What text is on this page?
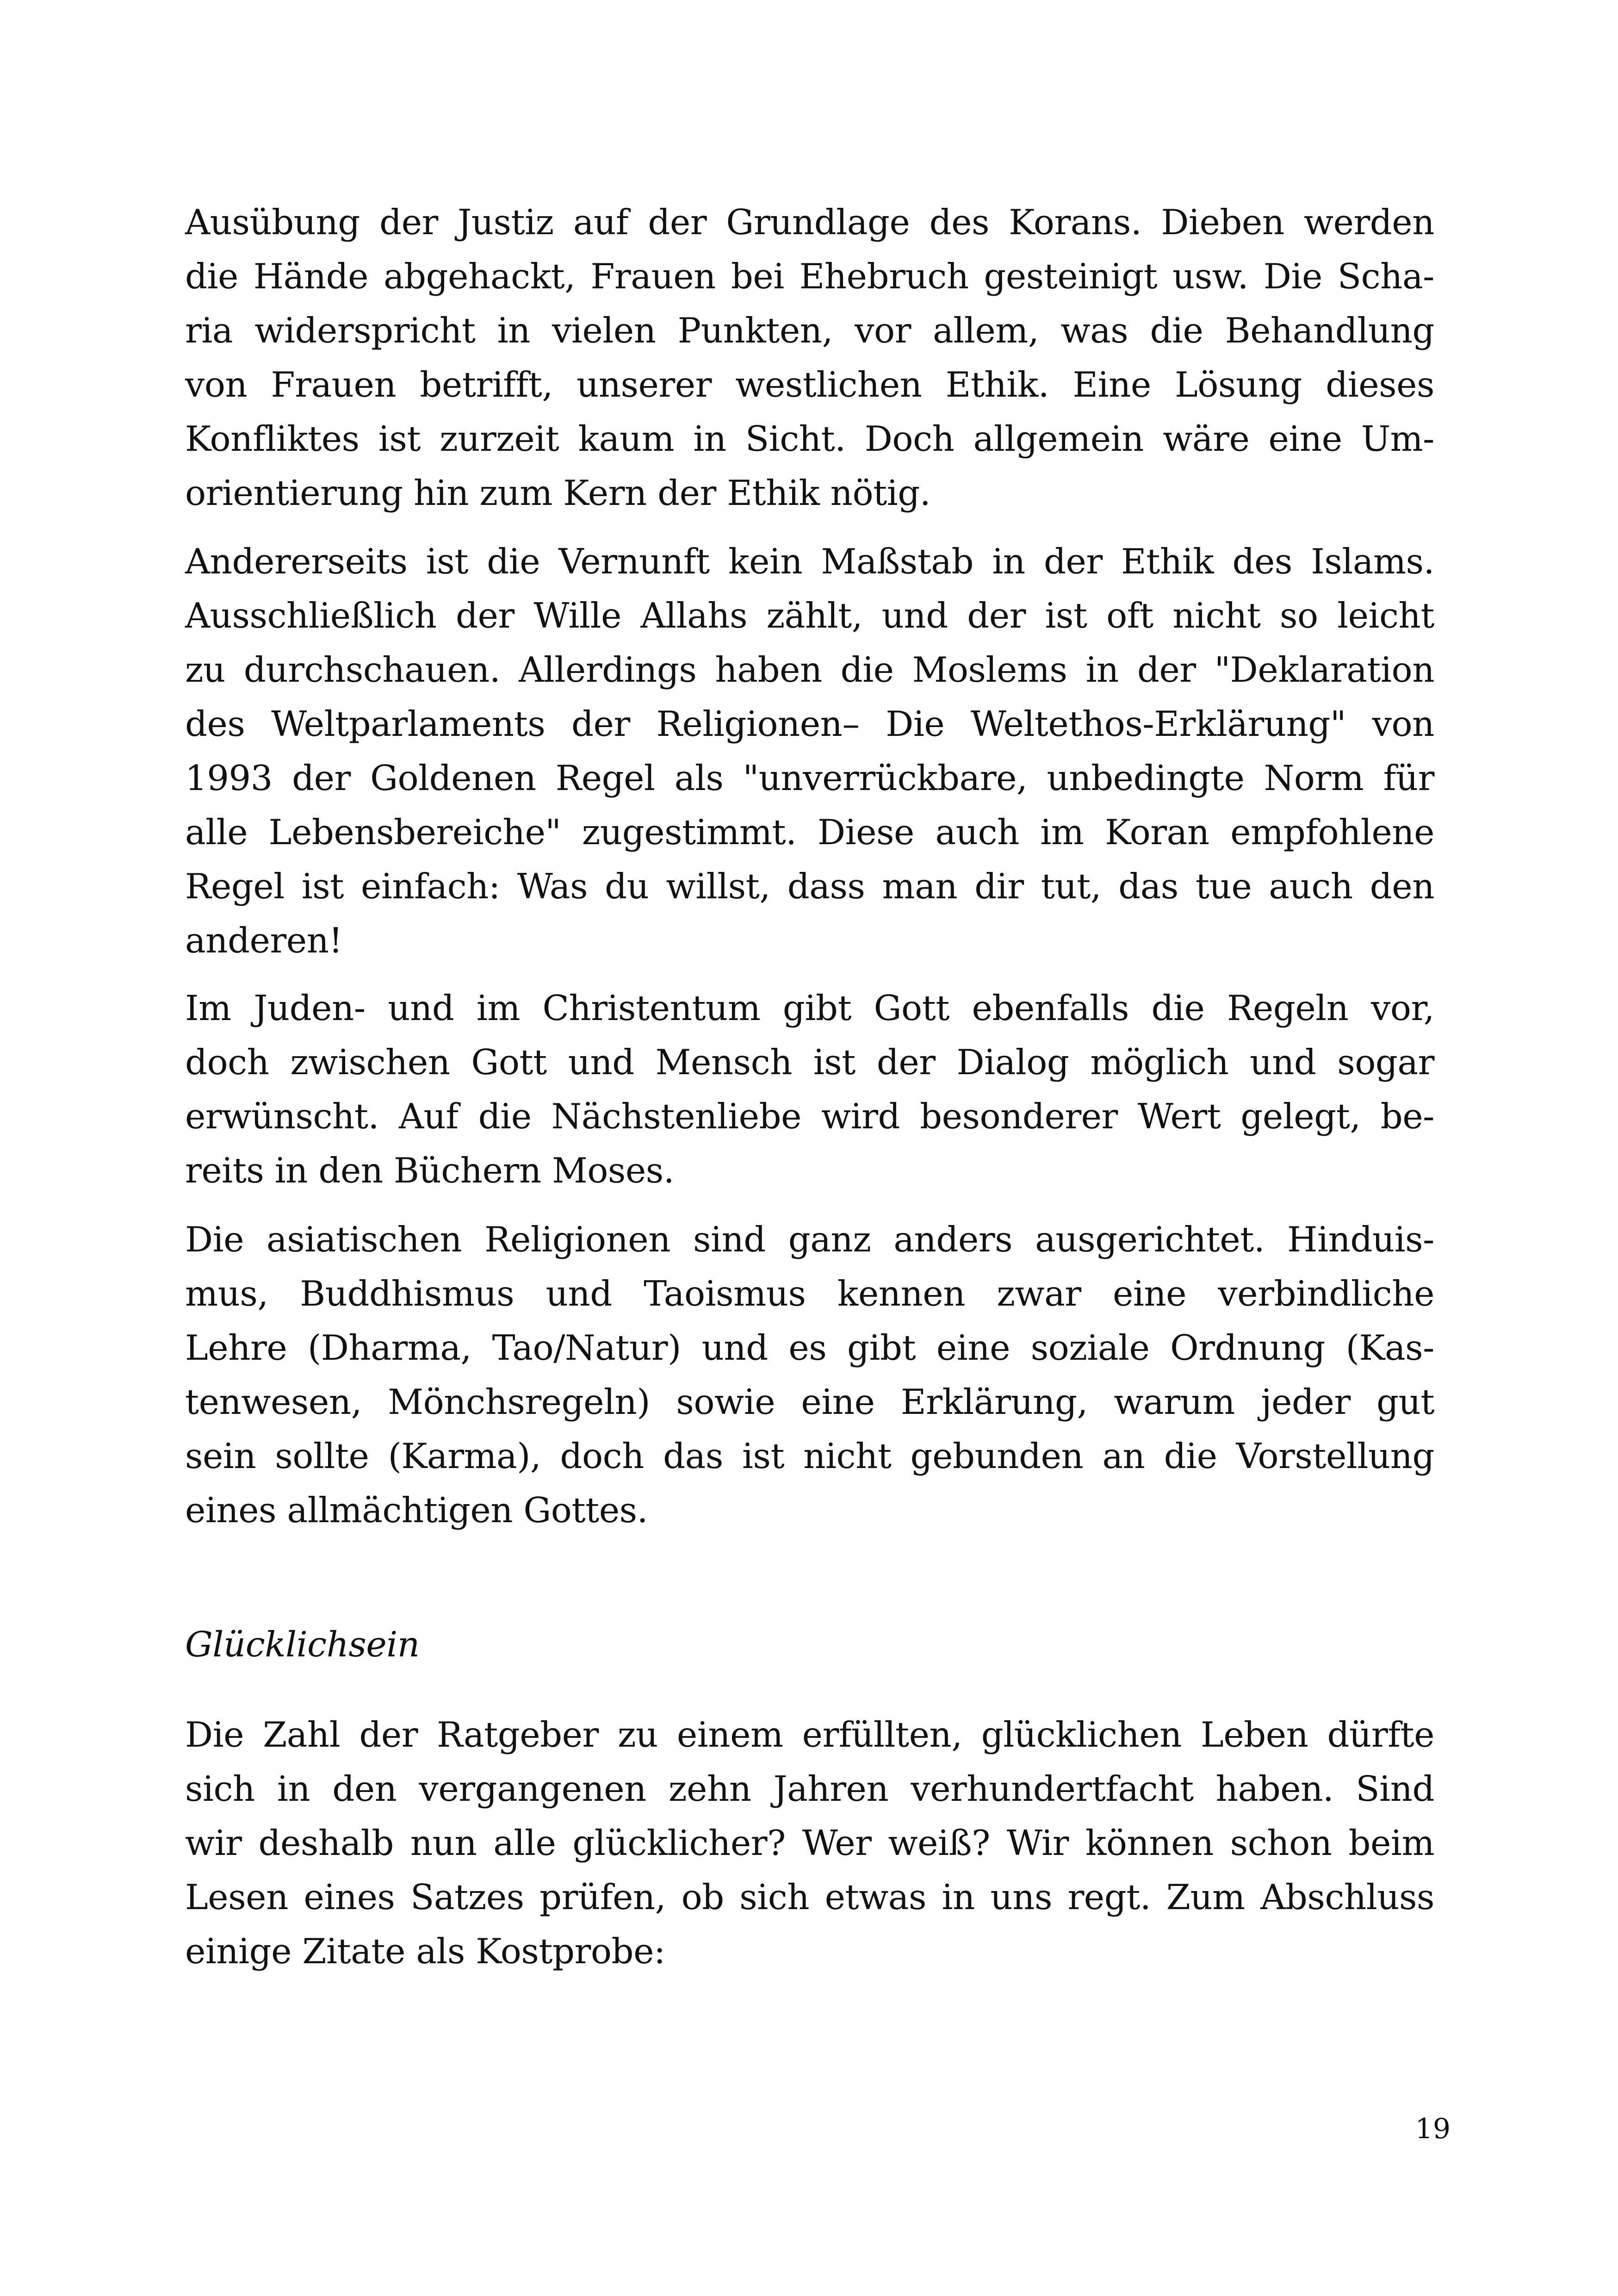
Ausübung der Justiz auf der Grundlage des Korans. Dieben werden
die Hände abgehackt, Frauen bei Ehebruch gesteinigt usw. Die Scha-
ria widerspricht in vielen Punkten, vor allem, was die Behandlung
von Frauen betrifft, unserer westlichen Ethik. Eine Lösung dieses
Konfliktes ist zurzeit kaum in Sicht. Doch allgemein wäre eine Um-
orientierung hin zum Kern der Ethik nötig.
Andererseits ist die Vernunft kein Maßstab in der Ethik des Islams.
Ausschließlich der Wille Allahs zählt, und der ist oft nicht so leicht
zu durchschauen. Allerdings haben die Moslems in der "Deklaration
des Weltparlaments der Religionen– Die Weltethos-Erklärung" von
1993 der Goldenen Regel als "unverrückbare, unbedingte Norm für
alle Lebensbereiche" zugestimmt. Diese auch im Koran empfohlene
Regel ist einfach: Was du willst, dass man dir tut, das tue auch den
anderen!
Im Juden- und im Christentum gibt Gott ebenfalls die Regeln vor,
doch zwischen Gott und Mensch ist der Dialog möglich und sogar
erwünscht. Auf die Nächstenliebe wird besonderer Wert gelegt, be-
reits in den Büchern Moses.
Die asiatischen Religionen sind ganz anders ausgerichtet. Hinduis-
mus, Buddhismus und Taoismus kennen zwar eine verbindliche
Lehre (Dharma, Tao/Natur) und es gibt eine soziale Ordnung (Kas-
tenwesen, Mönchsregeln) sowie eine Erklärung, warum jeder gut
sein sollte (Karma), doch das ist nicht gebunden an die Vorstellung
eines allmächtigen Gottes.
Glücklichsein
Die Zahl der Ratgeber zu einem erfüllten, glücklichen Leben dürfte
sich in den vergangenen zehn Jahren verhundertfacht haben. Sind
wir deshalb nun alle glücklicher? Wer weiß? Wir können schon beim
Lesen eines Satzes prüfen, ob sich etwas in uns regt. Zum Abschluss
einige Zitate als Kostprobe:
19
